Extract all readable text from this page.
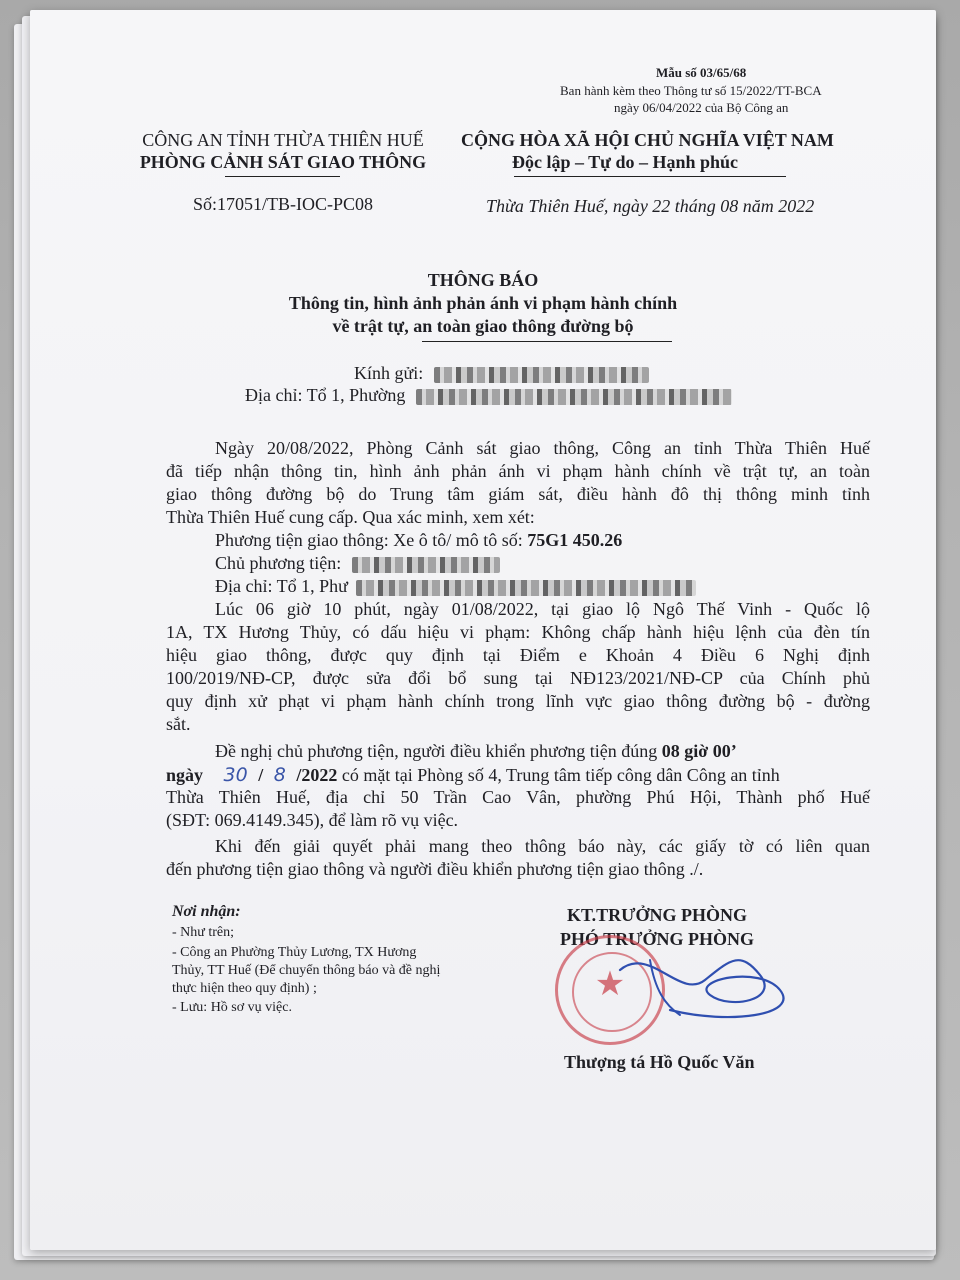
Mẫu số 03/65/68
Ban hành kèm theo Thông tư số 15/2022/TT-BCA
ngày 06/04/2022 của Bộ Công an
CÔNG AN TỈNH THỪA THIÊN HUẾ
PHÒNG CẢNH SÁT GIAO THÔNG
Số:17051/TB-IOC-PC08
CỘNG HÒA XÃ HỘI CHỦ NGHĨA VIỆT NAM
Độc lập – Tự do – Hạnh phúc
Thừa Thiên Huế, ngày 22 tháng 08 năm 2022
THÔNG BÁO
Thông tin, hình ảnh phản ánh vi phạm hành chính
về trật tự, an toàn giao thông đường bộ
Kính gửi:
Địa chỉ: Tổ 1, Phường
Ngày 20/08/2022, Phòng Cảnh sát giao thông, Công an tỉnh Thừa Thiên Huế
đã tiếp nhận thông tin, hình ảnh phản ánh vi phạm hành chính về trật tự, an toàn
giao thông đường bộ do Trung tâm giám sát, điều hành đô thị thông minh tỉnh
Thừa Thiên Huế cung cấp. Qua xác minh, xem xét:
Phương tiện giao thông: Xe ô tô/ mô tô số: 75G1 450.26
Chủ phương tiện:
Địa chỉ: Tổ 1, Phư
Lúc 06 giờ 10 phút, ngày 01/08/2022, tại giao lộ Ngô Thế Vinh - Quốc lộ
1A, TX Hương Thủy, có dấu hiệu vi phạm: Không chấp hành hiệu lệnh của đèn tín
hiệu giao thông, được quy định tại Điểm e Khoản 4 Điều 6 Nghị định
100/2019/NĐ-CP, được sửa đổi bổ sung tại NĐ123/2021/NĐ-CP của Chính phủ
quy định xử phạt vi phạm hành chính trong lĩnh vực giao thông đường bộ - đường
sắt.
Đề nghị chủ phương tiện, người điều khiển phương tiện đúng 08 giờ 00’
ngày 30 / 8 /2022 có mặt tại Phòng số 4, Trung tâm tiếp công dân Công an tỉnh
Thừa Thiên Huế, địa chỉ 50 Trần Cao Vân, phường Phú Hội, Thành phố Huế
(SĐT: 069.4149.345), để làm rõ vụ việc.
Khi đến giải quyết phải mang theo thông báo này, các giấy tờ có liên quan
đến phương tiện giao thông và người điều khiển phương tiện giao thông ./.
Nơi nhận:
- Như trên;
- Công an Phường Thủy Lương, TX Hương
Thủy, TT Huế (Để chuyển thông báo và đề nghị
thực hiện theo quy định) ;
- Lưu: Hồ sơ vụ việc.
KT.TRƯỞNG PHÒNG
PHÓ TRƯỞNG PHÒNG
★
Thượng tá Hồ Quốc Văn
